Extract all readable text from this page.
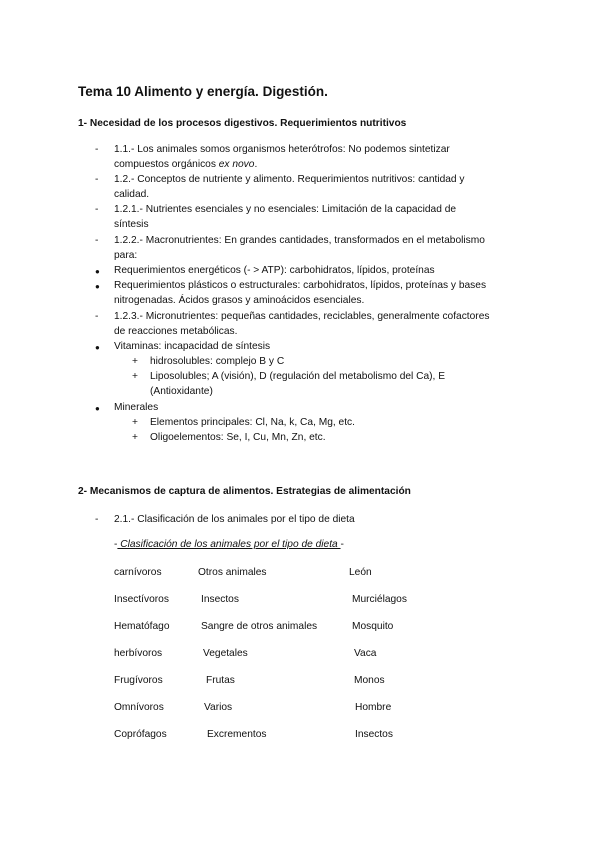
Tema 10 Alimento y energía. Digestión.
1- Necesidad de los procesos digestivos. Requerimientos nutritivos
- 1.1.- Los animales somos organismos heterótrofos: No podemos sintetizar
compuestos orgánicos ex novo.
- 1.2.- Conceptos de nutriente y alimento. Requerimientos nutritivos: cantidad y
calidad.
- 1.2.1.- Nutrientes esenciales y no esenciales: Limitación de la capacidad de
síntesis
- 1.2.2.- Macronutrientes: En grandes cantidades, transformados en el metabolismo
para:
● Requerimientos energéticos (- > ATP): carbohidratos, lípidos, proteínas
● Requerimientos plásticos o estructurales: carbohidratos, lípidos, proteínas y bases
nitrogenadas. Ácidos grasos y aminoácidos esenciales.
- 1.2.3.- Micronutrientes: pequeñas cantidades, reciclables, generalmente cofactores
de reacciones metabólicas.
● Vitaminas: incapacidad de síntesis
+ hidrosolubles: complejo B y C
+ Liposolubles; A (visión), D (regulación del metabolismo del Ca), E
(Antioxidante)
● Minerales
+ Elementos principales: Cl, Na, k, Ca, Mg, etc.
+ Oligoelementos: Se, I, Cu, Mn, Zn, etc.
2- Mecanismos de captura de alimentos. Estrategias de alimentación
- 2.1.- Clasificación de los animales por el tipo de dieta
- Clasificación de los animales por el tipo de dieta -
carnívoros	Otros animales	León
Insectívoros	Insectos	Murciélagos
Hematófago	Sangre de otros animales	Mosquito
herbívoros	Vegetales	Vaca
Frugívoros	Frutas	Monos
Omnívoros	Varios	Hombre
Coprófagos	Excrementos	Insectos
